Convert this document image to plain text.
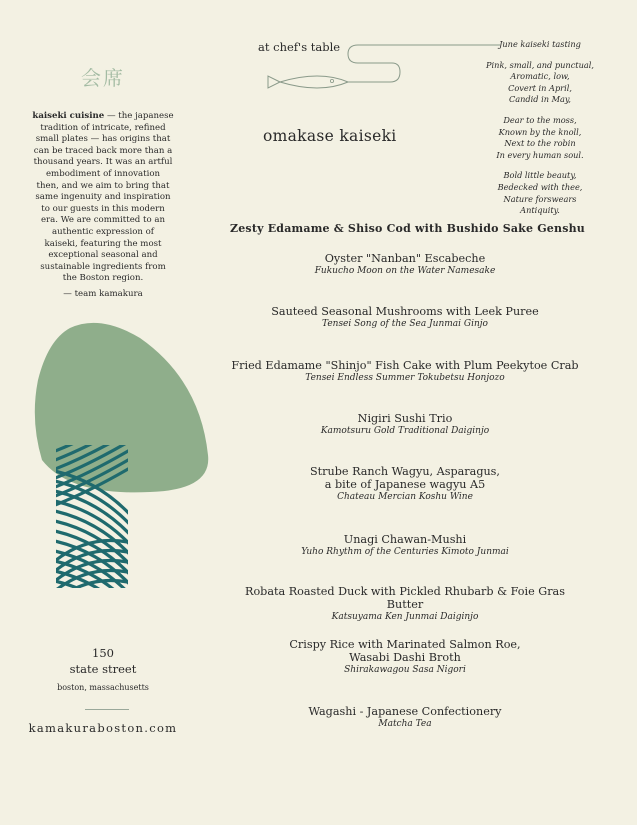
会席
kaiseki cuisine — the japanese
tradition of intricate, refined
small plates — has origins that
can be traced back more than a
thousand years. It was an artful
embodiment of innovation
then, and we aim to bring that
same ingenuity and inspiration
to our guests in this modern
era. We are committed to an
authentic expression of
kaiseki, featuring the most
exceptional seasonal and
sustainable ingredients from
the Boston region.
— team kamakura
at chef's table
omakase kaiseki
June kaiseki tasting
Pink, small, and punctual,
Aromatic, low,
Covert in April,
Candid in May,
Dear to the moss,
Known by the knoll,
Next to the robin
In every human soul.
Bold little beauty,
Bedecked with thee,
Nature forswears
Antiquity.
Zesty Edamame & Shiso Cod with Bushido Sake Genshu
Oyster "Nanban" Escabeche
Fukucho Moon on the Water Namesake
Sauteed Seasonal Mushrooms with Leek Puree
Tensei Song of the Sea Junmai Ginjo
Fried Edamame "Shinjo" Fish Cake with Plum Peekytoe Crab
Tensei Endless Summer Tokubetsu Honjozo
Nigiri Sushi Trio
Kamotsuru Gold Traditional Daiginjo
Strube Ranch Wagyu, Asparagus,
a bite of Japanese wagyu A5
Chateau Mercian Koshu Wine
Unagi Chawan-Mushi
Yuho Rhythm of the Centuries Kimoto Junmai
Robata Roasted Duck with Pickled Rhubarb & Foie Gras Butter
Katsuyama Ken Junmai Daiginjo
Crispy Rice with Marinated Salmon Roe,
Wasabi Dashi Broth
Shirakawagou Sasa Nigori
Wagashi - Japanese Confectionery
Matcha Tea
150
state street
boston, massachusetts
kamakuraboston.com
